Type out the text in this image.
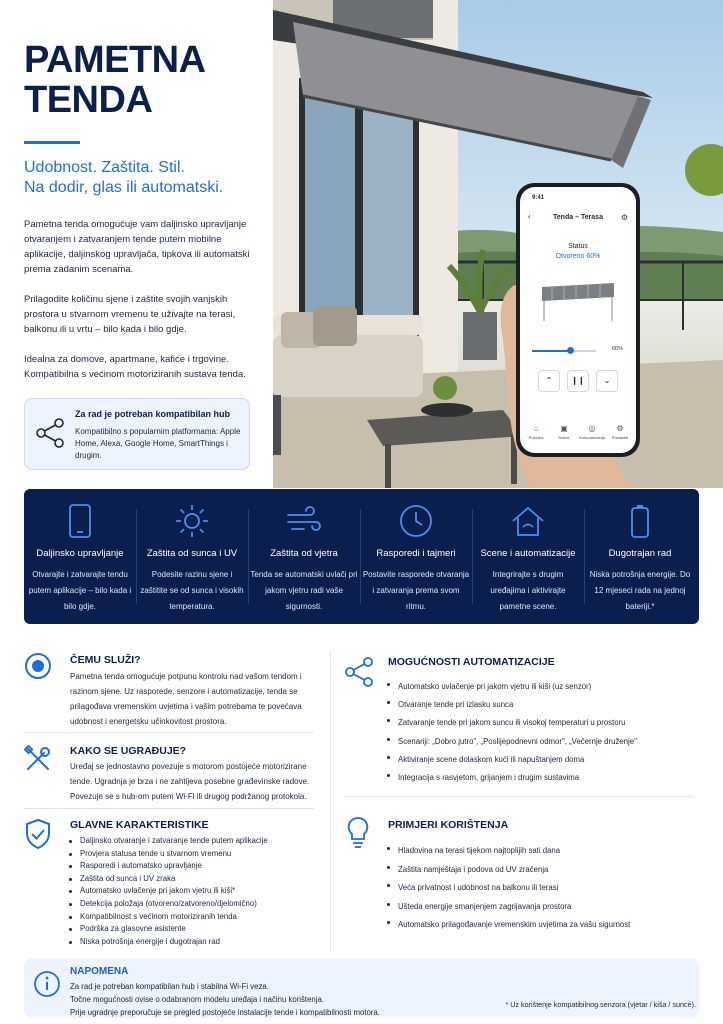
PAMETNA TENDA
Udobnost. Zaštita. Stil.
Na dodir, glas ili automatski.

Pametna tenda omogućuje vam daljinsko upravljanje otvaranjem i zatvaranjem tende putem mobilne aplikacije, daljinskog upravljača, tipkova ili automatski prema zadanim scenama.

Prilagodite količinu sjene i zaštite svojih vanjskih prostora u stvarnom vremenu te uživajte na terasi, balkonu ili u vrtu – bilo kada i bilo gdje.

Idealna za domove, apartmane, kafiće i trgovine. Kompatibilna s većinom motoriziranih sustava tenda.

Za rad je potreban kompatibilan hub
Kompatibilno s popularnim platformama: Apple Home, Alexa, Google Home, SmartThings i drugim.
9:41
‹	Tenda – Terasa	⚙
Status
Otvoreno 60%
60%
⌃	❙❙	⌄
⌂
Početna
▣
Scene
◎
Automatizacija
⚙
Postavke
Daljinsko upravljanje
Otvarajte i zatvarajte tendu putem aplikacije – bilo kada i bilo gdje.
Zaštita od sunca i UV
Podesite razinu sjene i zaštitite se od sunca i visokih temperatura.
Zaštita od vjetra
Tenda se automatski uvlači pri jakom vjetru radi vaše sigurnosti.
Rasporedi i tajmeri
Postavite rasporede otvaranja i zatvaranja prema svom ritmu.
Scene i automatizacije
Integrirajte s drugim uređajima i aktivirajte pametne scene.
Dugotrajan rad
Niska potrošnja energije. Do 12 mjeseci rada na jednoj bateriji.*
ČEMU SLUŽI?
Pametna tenda omogućuje potpunu kontrolu nad vašom tendom i razinom sjene. Uz rasporede, senzore i automatizacije, tenda se prilagođava vremenskim uvjetima i vašim potrebama te povećava udobnost i energetsku učinkovitost prostora.
KAKO SE UGRAĐUJE?
Uređaj se jednostavno povezuje s motorom postojeće motorizirane tende. Ugradnja je brza i ne zahtijeva posebne građevinske radove. Povezuje se s hub-om putem Wi-Fi ili drugog podržanog protokola.
GLAVNE KARAKTERISTIKE
Daljinsko otvaranje i zatvaranje tende putem aplikacije
Provjera statusa tende u stvarnom vremenu
Rasporedi i automatsko upravljanje
Zaštita od sunca i UV zraka
Automatsko uvlačenje pri jakom vjetru ili kiši*
Detekcija položaja (otvoreno/zatvoreno/djelomično)
Kompatibilnost s većinom motoriziranih tenda
Podrška za glasovne asistente
Niska potrošnja energije i dugotrajan rad
MOGUĆNOSTI AUTOMATIZACIJE
Automatsko uvlačenje pri jakom vjetru ili kiši (uz senzor)
Otvaranje tende pri izlasku sunca
Zatvaranje tende pri jakom suncu ili visokoj temperaturi u prostoru
Scenariji: „Dobro jutro", „Poslijepodnevni odmor", „Večernje druženje"
Aktiviranje scene dolaskom kući ili napuštanjem doma
Integracija s rasvjetom, grijanjem i drugim sustavima
PRIMJERI KORIŠTENJA
Hladovina na terasi tijekom najtoplijih sati dana
Zaštita namještaja i podova od UV zračenja
Veća privatnost i udobnost na balkonu ili terasi
Ušteda energije smanjenjem zagrijavanja prostora
Automatsko prilagođavanje vremenskim uvjetima za vašu sigurnost
NAPOMENA
Za rad je potreban kompatibilan hub i stabilna Wi-Fi veza.
Točne mogućnosti ovise o odabranom modelu uređaja i načinu korištenja.
Prije ugradnje preporučuje se pregled postojeće instalacije tende i kompatibilnosti motora.
* Uz korištenje kompatibilnog senzora (vjetar / kiša / sunce).
